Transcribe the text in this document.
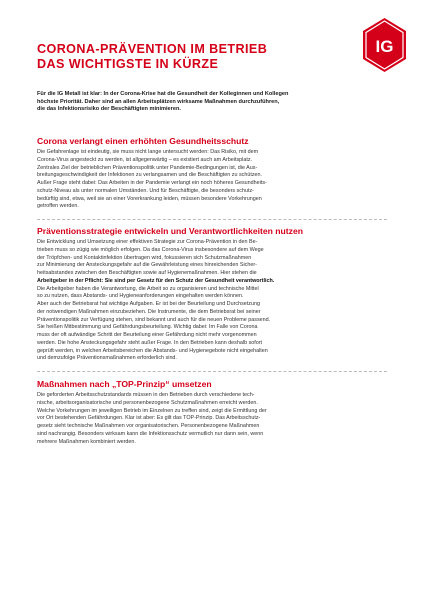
CORONA-PRÄVENTION IM BETRIEB
DAS WICHTIGSTE IN KÜRZE
IG
Für die IG Metall ist klar: In der Corona-Krise hat die Gesundheit der Kolleginnen und Kollegen
höchste Priorität. Daher sind an allen Arbeitsplätzen wirksame Maßnahmen durchzuführen,
die das Infektionsrisiko der Beschäftigten minimieren.
Corona verlangt einen erhöhten Gesundheitsschutz
Die Gefahrenlage ist eindeutig, sie muss nicht lange untersucht werden: Das Risiko, mit dem
Corona-Virus angesteckt zu werden, ist allgegenwärtig – es existiert auch am Arbeitsplatz.
Zentrales Ziel der betrieblichen Präventionspolitik unter Pandemie-Bedingungen ist, die Aus-
breitungsgeschwindigkeit der Infektionen zu verlangsamen und die Beschäftigten zu schützen.
Außer Frage steht dabei: Das Arbeiten in der Pandemie verlangt ein noch höheres Gesundheits-
schutz-Niveau als unter normalen Umständen. Und für Beschäftigte, die besonders schutz-
bedürftig sind, etwa, weil sie an einer Vorerkrankung leiden, müssen besondere Vorkehrungen
getroffen werden.
Präventionsstrategie entwickeln und Verantwortlichkeiten nutzen
Die Entwicklung und Umsetzung einer effektiven Strategie zur Corona-Prävention in den Be-
trieben muss so zügig wie möglich erfolgen. Da das Corona-Virus insbesondere auf dem Wege
der Tröpfchen- und Kontaktinfektion übertragen wird, fokussieren sich Schutzmaßnahmen
zur Minimierung der Ansteckungsgefahr auf die Gewährleistung eines hinreichenden Sicher-
heitsabstandes zwischen den Beschäftigten sowie auf Hygienemaßnahmen. Hier stehen die
Arbeitgeber in der Pflicht: Sie sind per Gesetz für den Schutz der Gesundheit verantwortlich.
Die Arbeitgeber haben die Verantwortung, die Arbeit so zu organisieren und technische Mittel
so zu nutzen, dass Abstands- und Hygieneanforderungen eingehalten werden können.
Aber auch der Betriebsrat hat wichtige Aufgaben. Er ist bei der Beurteilung und Durchsetzung
der notwendigen Maßnahmen einzubeziehen. Die Instrumente, die dem Betriebsrat bei seiner
Präventionspolitik zur Verfügung stehen, sind bekannt und auch für die neuen Probleme passend.
Sie heißen Mitbestimmung und Gefährdungsbeurteilung. Wichtig dabei: Im Falle von Corona
muss der oft aufwändige Schritt der Beurteilung einer Gefährdung nicht mehr vorgenommen
werden. Die hohe Ansteckungsgefahr steht außer Frage. In den Betrieben kann deshalb sofort
geprüft werden, in welchen Arbeitsbereichen die Abstands- und Hygienegebote nicht eingehalten
und demzufolge Präventionsmaßnahmen erforderlich sind.
Maßnahmen nach „TOP-Prinzip“ umsetzen
Die geforderten Arbeitsschutzstandards müssen in den Betrieben durch verschiedene tech-
nische, arbeitsorganisatorische und personenbezogene Schutzmaßnahmen erreicht werden.
Welche Vorkehrungen im jeweiligen Betrieb im Einzelnen zu treffen sind, zeigt die Ermittlung der
vor Ort bestehenden Gefährdungen. Klar ist aber: Es gilt das TOP-Prinzip. Das Arbeitsschutz-
gesetz sieht technische Maßnahmen vor organisatorischen. Personenbezogene Maßnahmen
sind nachrangig. Besonders wirksam kann die Infektionsschutz vermutlich nur dann sein, wenn
mehrere Maßnahmen kombiniert werden.
